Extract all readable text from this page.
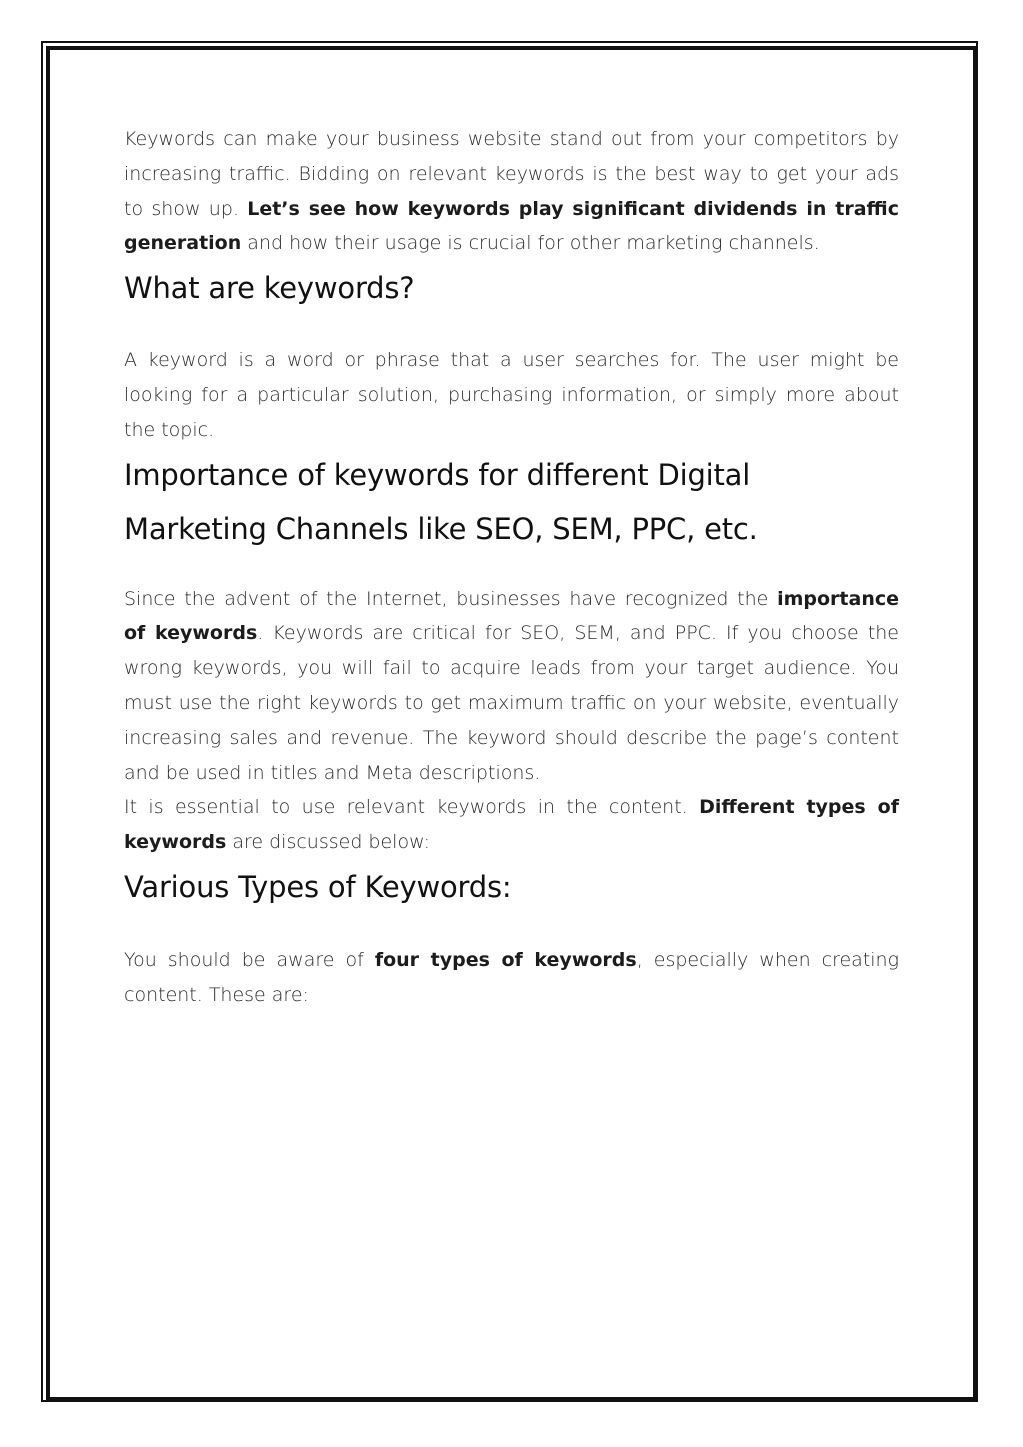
Keywords can make your business website stand out from your competitors by increasing traffic. Bidding on relevant keywords is the best way to get your ads to show up. Let’s see how keywords play significant dividends in traffic generation and how their usage is crucial for other marketing channels.

What are keywords?

A keyword is a word or phrase that a user searches for. The user might be looking for a particular solution, purchasing information, or simply more about the topic.

Importance of keywords for different Digital Marketing Channels like SEO, SEM, PPC, etc.

Since the advent of the Internet, businesses have recognized the importance of keywords. Keywords are critical for SEO, SEM, and PPC. If you choose the wrong keywords, you will fail to acquire leads from your target audience. You must use the right keywords to get maximum traffic on your website, eventually increasing sales and revenue. The keyword should describe the page’s content and be used in titles and Meta descriptions.

It is essential to use relevant keywords in the content. Different types of keywords are discussed below:

Various Types of Keywords:

You should be aware of four types of keywords, especially when creating content. These are:
